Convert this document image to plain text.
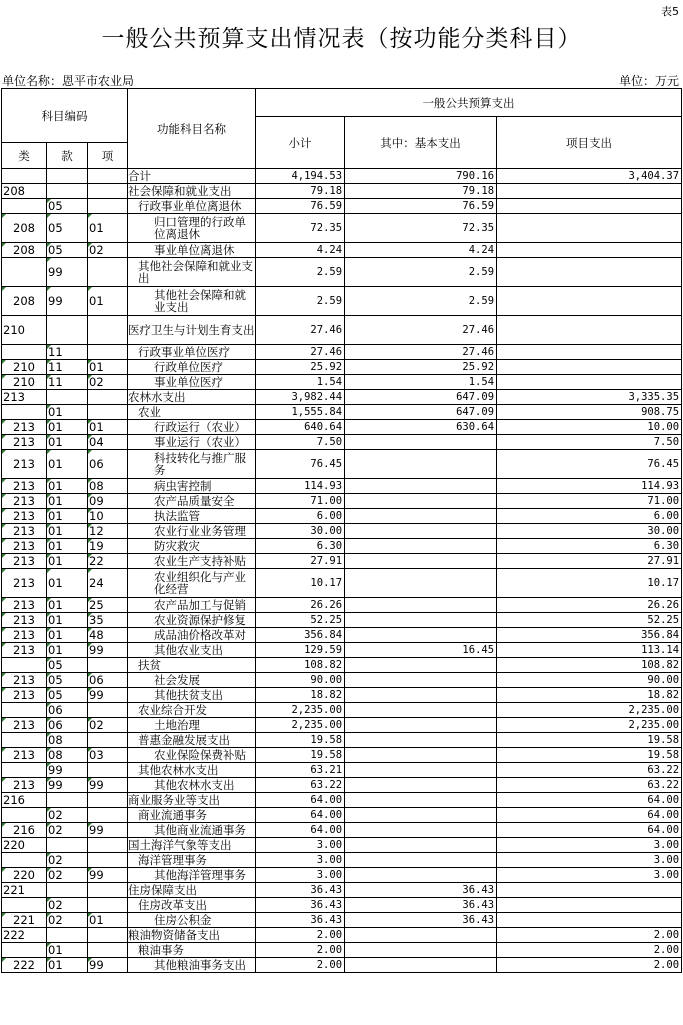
表5
一般公共预算支出情况表（按功能分类科目）
单位名称：恩平市农业局	单位：万元
科目编码			功能科目名称	一般公共预算支出		
				小计	其中：基本支出	项目支出
类	款	项				
			合计	4,194.53	790.16	3,404.37
208			社会保障和就业支出	79.18	79.18	
	05		行政事业单位离退休	76.59	76.59	
208	05	01	归口管理的行政单位离退休	72.35	72.35	
208	05	02	事业单位离退休	4.24	4.24	
	99		其他社会保障和就业支出	2.59	2.59	
208	99	01	其他社会保障和就业支出	2.59	2.59	
210			医疗卫生与计划生育支出	27.46	27.46	
	11		行政事业单位医疗	27.46	27.46	
210	11	01	行政单位医疗	25.92	25.92	
210	11	02	事业单位医疗	1.54	1.54	
213			农林水支出	3,982.44	647.09	3,335.35
	01		农业	1,555.84	647.09	908.75
213	01	01	行政运行（农业）	640.64	630.64	10.00
213	01	04	事业运行（农业）	7.50		7.50
213	01	06	科技转化与推广服务	76.45		76.45
213	01	08	病虫害控制	114.93		114.93
213	01	09	农产品质量安全	71.00		71.00
213	01	10	执法监管	6.00		6.00
213	01	12	农业行业业务管理	30.00		30.00
213	01	19	防灾救灾	6.30		6.30
213	01	22	农业生产支持补贴	27.91		27.91
213	01	24	农业组织化与产业化经营	10.17		10.17
213	01	25	农产品加工与促销	26.26		26.26
213	01	35	农业资源保护修复	52.25		52.25
213	01	48	成品油价格改革对	356.84		356.84
213	01	99	其他农业支出	129.59	16.45	113.14
	05		扶贫	108.82		108.82
213	05	06	社会发展	90.00		90.00
213	05	99	其他扶贫支出	18.82		18.82
	06		农业综合开发	2,235.00		2,235.00
213	06	02	土地治理	2,235.00		2,235.00
	08		普惠金融发展支出	19.58		19.58
213	08	03	农业保险保费补贴	19.58		19.58
	99		其他农林水支出	63.21		63.22
213	99	99	其他农林水支出	63.22		63.22
216			商业服务业等支出	64.00		64.00
	02		商业流通事务	64.00		64.00
216	02	99	其他商业流通事务	64.00		64.00
220			国土海洋气象等支出	3.00		3.00
	02		海洋管理事务	3.00		3.00
220	02	99	其他海洋管理事务	3.00		3.00
221			住房保障支出	36.43	36.43	
	02		住房改革支出	36.43	36.43	
221	02	01	住房公积金	36.43	36.43	
222			粮油物资储备支出	2.00		2.00
	01		粮油事务	2.00		2.00
222	01	99	其他粮油事务支出	2.00		2.00
